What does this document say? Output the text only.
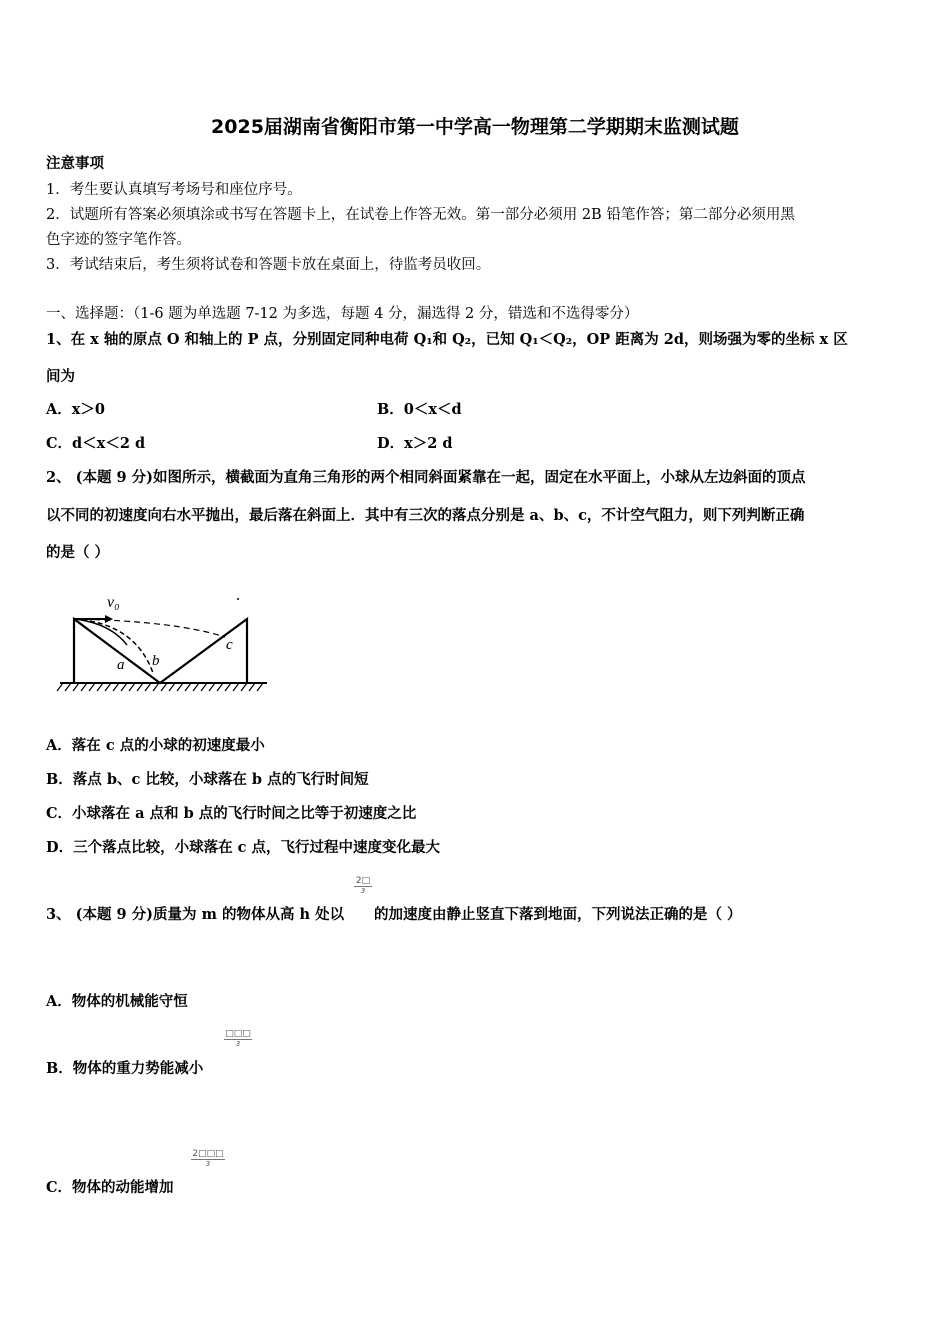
2025届湖南省衡阳市第一中学高一物理第二学期期末监测试题
注意事项
1．考生要认真填写考场号和座位序号。
2．试题所有答案必须填涂或书写在答题卡上，在试卷上作答无效。第一部分必须用 2B 铅笔作答；第二部分必须用黑
色字迹的签字笔作答。
3．考试结束后，考生须将试卷和答题卡放在桌面上，待监考员收回。
一、选择题：（1-6 题为单选题 7-12 为多选，每题 4 分，漏选得 2 分，错选和不选得零分）
1、在 x 轴的原点 O 和轴上的 P 点，分别固定同种电荷 Q₁和 Q₂，已知 Q₁＜Q₂，OP 距离为 2d，则场强为零的坐标 x 区
间为
A．x＞0	B．0＜x＜d
C．d＜x＜2 d	D．x＞2 d
2、 (本题 9 分)如图所示，横截面为直角三角形的两个相同斜面紧靠在一起，固定在水平面上，小球从左边斜面的顶点
以不同的初速度向右水平抛出，最后落在斜面上．其中有三次的落点分别是 a、b、c，不计空气阻力，则下列判断正确
的是（ ）
v₀
a b
c
A．落在 c 点的小球的初速度最小
B．落点 b、c 比较，小球落在 b 点的飞行时间短
C．小球落在 a 点和 b 点的飞行时间之比等于初速度之比
D．三个落点比较，小球落在 c 点，飞行过程中速度变化最大
3、 (本题 9 分)质量为 m 的物体从高 h 处以
2□
3
的加速度由静止竖直下落到地面，下列说法正确的是（ ）
A．物体的机械能守恒
B．物体的重力势能减小
□□□
3
C．物体的动能增加
2□□□
3
